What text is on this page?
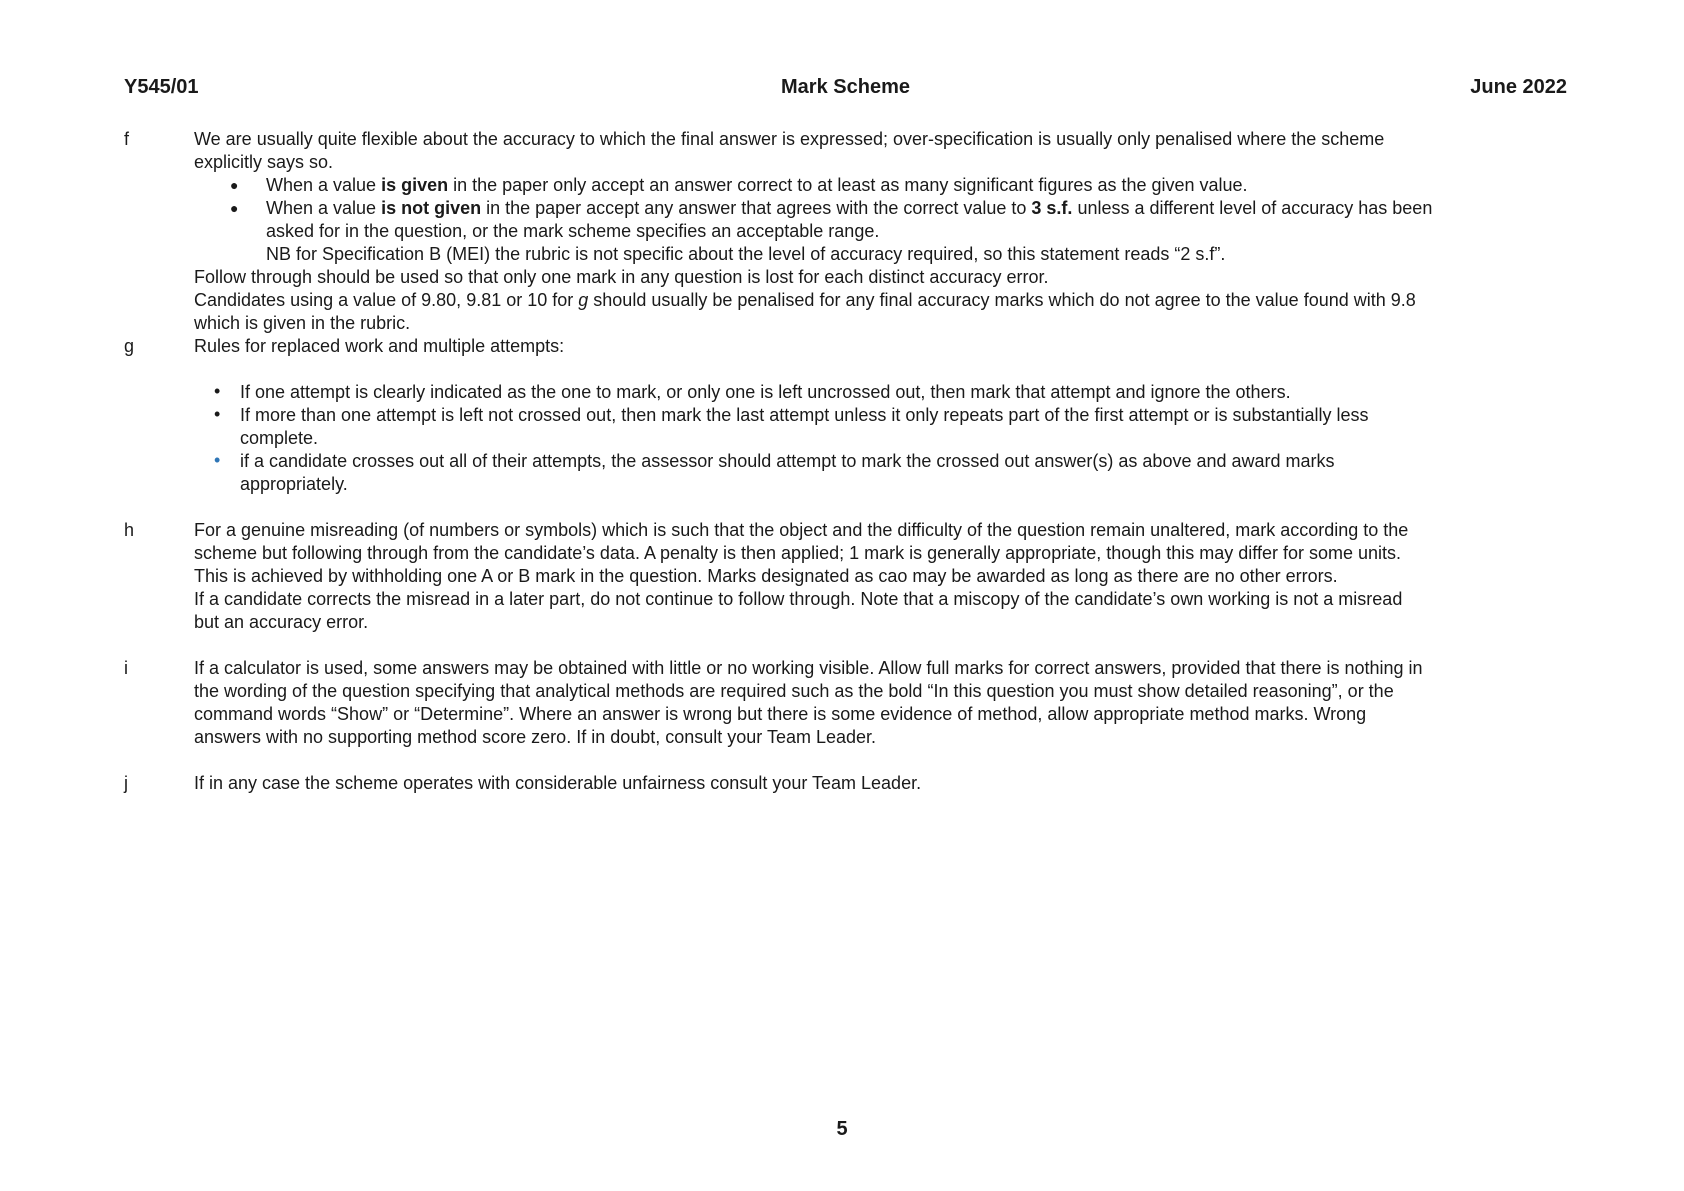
Y545/01	Mark Scheme	June 2022
f	We are usually quite flexible about the accuracy to which the final answer is expressed; over-specification is usually only penalised where the scheme
explicitly says so.
● When a value is given in the paper only accept an answer correct to at least as many significant figures as the given value.
● When a value is not given in the paper accept any answer that agrees with the correct value to 3 s.f. unless a different level of accuracy has been
asked for in the question, or the mark scheme specifies an acceptable range.
NB for Specification B (MEI) the rubric is not specific about the level of accuracy required, so this statement reads “2 s.f”.
Follow through should be used so that only one mark in any question is lost for each distinct accuracy error.
Candidates using a value of 9.80, 9.81 or 10 for g should usually be penalised for any final accuracy marks which do not agree to the value found with 9.8
which is given in the rubric.
g	Rules for replaced work and multiple attempts:
• If one attempt is clearly indicated as the one to mark, or only one is left uncrossed out, then mark that attempt and ignore the others.
• If more than one attempt is left not crossed out, then mark the last attempt unless it only repeats part of the first attempt or is substantially less
complete.
• if a candidate crosses out all of their attempts, the assessor should attempt to mark the crossed out answer(s) as above and award marks
appropriately.
h	For a genuine misreading (of numbers or symbols) which is such that the object and the difficulty of the question remain unaltered, mark according to the
scheme but following through from the candidate’s data. A penalty is then applied; 1 mark is generally appropriate, though this may differ for some units.
This is achieved by withholding one A or B mark in the question. Marks designated as cao may be awarded as long as there are no other errors.
If a candidate corrects the misread in a later part, do not continue to follow through. Note that a miscopy of the candidate’s own working is not a misread
but an accuracy error.
i	If a calculator is used, some answers may be obtained with little or no working visible. Allow full marks for correct answers, provided that there is nothing in
the wording of the question specifying that analytical methods are required such as the bold “In this question you must show detailed reasoning”, or the
command words “Show” or “Determine”. Where an answer is wrong but there is some evidence of method, allow appropriate method marks. Wrong
answers with no supporting method score zero. If in doubt, consult your Team Leader.
j	If in any case the scheme operates with considerable unfairness consult your Team Leader.
5
